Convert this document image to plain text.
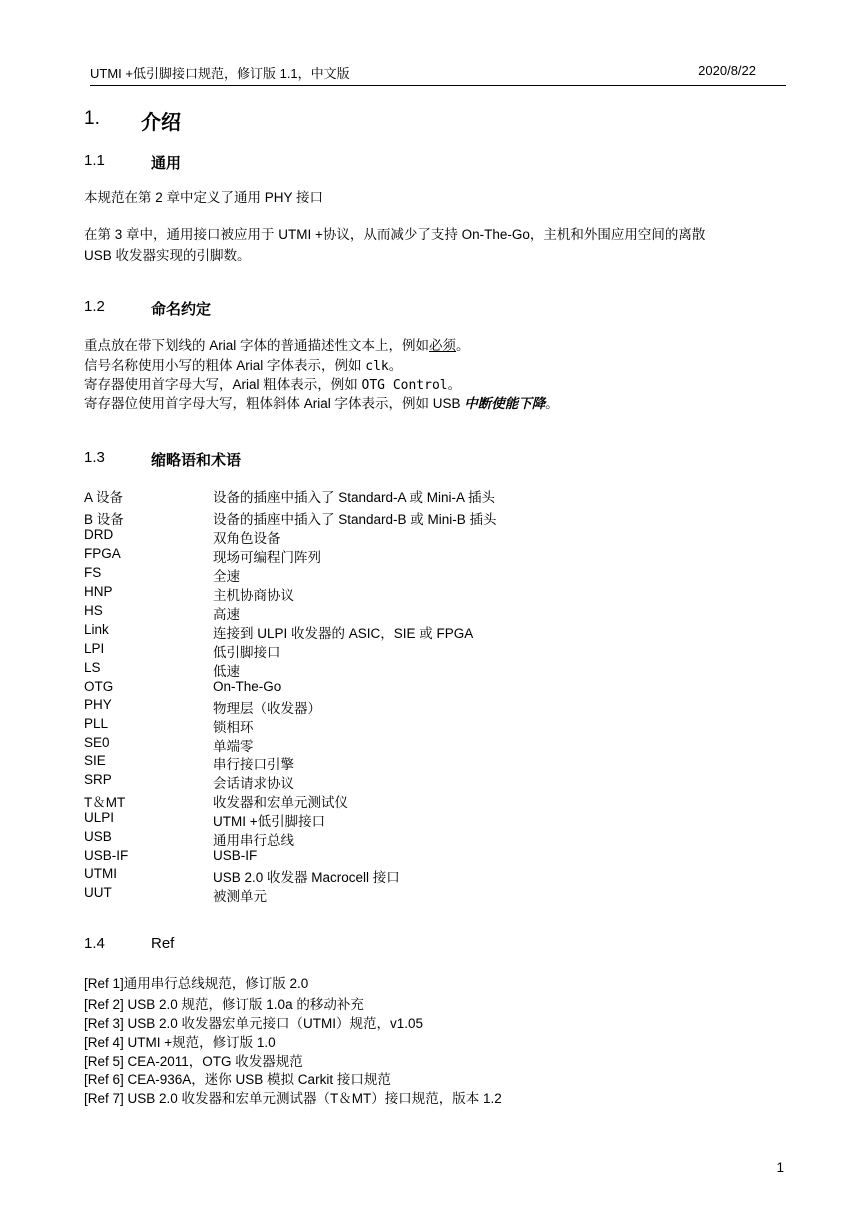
UTMI +低引脚接口规范，修订版 1.1，中文版	2020/8/22
1. 介绍
1.1	通用
本规范在第 2 章中定义了通用 PHY 接口
在第 3 章中，通用接口被应用于 UTMI +协议，从而减少了支持 On-The-Go，主机和外围应用空间的离散
USB 收发器实现的引脚数。
1.2	命名约定
重点放在带下划线的 Arial 字体的普通描述性文本上，例如必须。
信号名称使用小写的粗体 Arial 字体表示，例如 clk。
寄存器使用首字母大写，Arial 粗体表示，例如 OTG Control。
寄存器位使用首字母大写，粗体斜体 Arial 字体表示，例如 USB 中断使能下降。
1.3	缩略语和术语
A 设备	设备的插座中插入了 Standard-A 或 Mini-A 插头
B 设备	设备的插座中插入了 Standard-B 或 Mini-B 插头
DRD	双角色设备
FPGA	现场可编程门阵列
FS	全速
HNP	主机协商协议
HS	高速
Link	连接到 ULPI 收发器的 ASIC，SIE 或 FPGA
LPI	低引脚接口
LS	低速
OTG	On-The-Go
PHY	物理层（收发器）
PLL	锁相环
SE0	单端零
SIE	串行接口引擎
SRP	会话请求协议
T＆MT	收发器和宏单元测试仪
ULPI	UTMI +低引脚接口
USB	通用串行总线
USB-IF	USB-IF
UTMI	USB 2.0 收发器 Macrocell 接口
UUT	被测单元
1.4	Ref
[Ref 1]通用串行总线规范，修订版 2.0
[Ref 2] USB 2.0 规范，修订版 1.0a 的移动补充
[Ref 3] USB 2.0 收发器宏单元接口（UTMI）规范，v1.05
[Ref 4] UTMI +规范，修订版 1.0
[Ref 5] CEA-2011，OTG 收发器规范
[Ref 6] CEA-936A，迷你 USB 模拟 Carkit 接口规范
[Ref 7] USB 2.0 收发器和宏单元测试器（T＆MT）接口规范，版本 1.2
1
